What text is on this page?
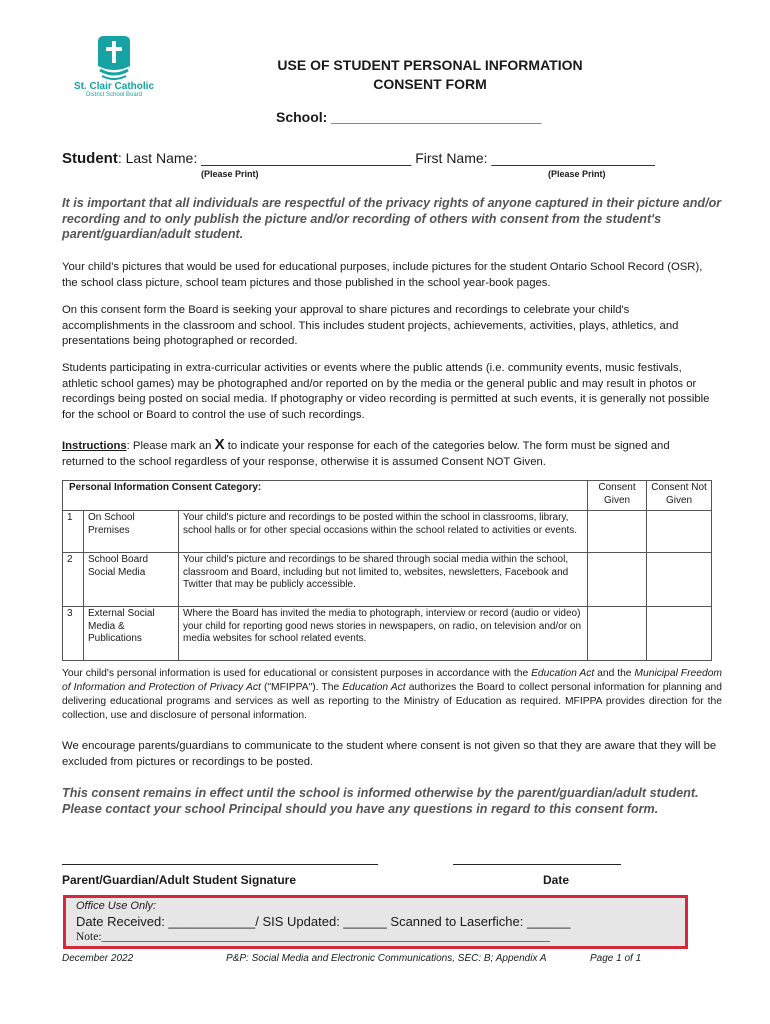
St. Clair Catholic
District School Board
USE OF STUDENT PERSONAL INFORMATION
CONSENT FORM
School: ___________________________
Student: Last Name: ___________________________ First Name: _____________________
(Please Print)	(Please Print)
It is important that all individuals are respectful of the privacy rights of anyone captured in their picture and/or recording and to only publish the picture and/or recording of others with consent from the student's parent/guardian/adult student.
Your child's pictures that would be used for educational purposes, include pictures for the student Ontario School Record (OSR), the school class picture, school team pictures and those published in the school year-book pages.
On this consent form the Board is seeking your approval to share pictures and recordings to celebrate your child's accomplishments in the classroom and school. This includes student projects, achievements, activities, plays, athletics, and presentations being photographed or recorded.
Students participating in extra-curricular activities or events where the public attends (i.e. community events, music festivals, athletic school games) may be photographed and/or reported on by the media or the general public and may result in photos or recordings being posted on social media. If photography or video recording is permitted at such events, it is generally not possible for the school or Board to control the use of such recordings.
Instructions: Please mark an X to indicate your response for each of the categories below. The form must be signed and returned to the school regardless of your response, otherwise it is assumed Consent NOT Given.
Personal Information Consent Category:			Consent Given	Consent Not Given
1	On School Premises	Your child's picture and recordings to be posted within the school in classrooms, library, school halls or for other special occasions within the school related to activities or events.		
2	School Board Social Media	Your child's picture and recordings to be shared through social media within the school, classroom and Board, including but not limited to, websites, newsletters, Facebook and Twitter that may be publicly accessible.		
3	External Social Media & Publications	Where the Board has invited the media to photograph, interview or record (audio or video) your child for reporting good news stories in newspapers, on radio, on television and/or on media websites for school related events.		
Your child's personal information is used for educational or consistent purposes in accordance with the Education Act and the Municipal Freedom of Information and Protection of Privacy Act ("MFIPPA"). The Education Act authorizes the Board to collect personal information for planning and delivering educational programs and services as well as reporting to the Ministry of Education as required. MFIPPA provides direction for the collection, use and disclosure of personal information.
We encourage parents/guardians to communicate to the student where consent is not given so that they are aware that they will be excluded from pictures or recordings to be posted.
This consent remains in effect until the school is informed otherwise by the parent/guardian/adult student.
Please contact your school Principal should you have any questions in regard to this consent form.
Parent/Guardian/Adult Student Signature	Date
Office Use Only:
Date Received: ____________/ SIS Updated: ______ Scanned to Laserfiche: ______
Note:______________________________________________________________________________
December 2022	P&P: Social Media and Electronic Communications, SEC: B; Appendix A	Page 1 of 1
